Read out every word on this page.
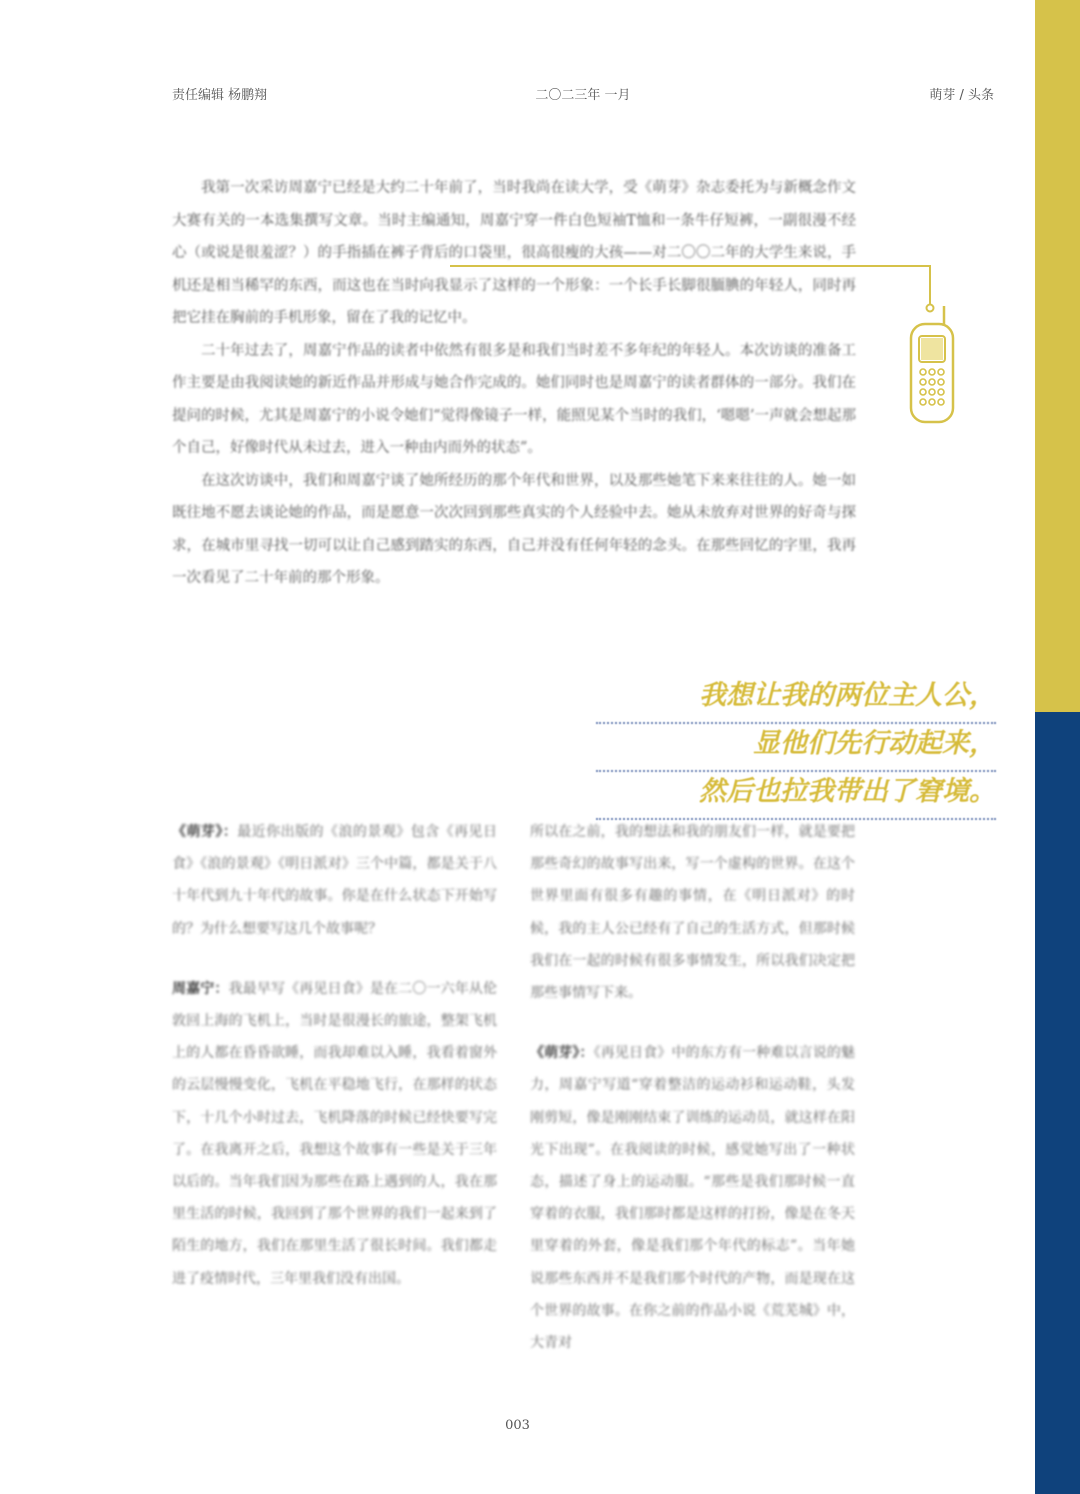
责任编辑 杨鹏翔	二〇二三年 一月	萌芽 / 头条

我第一次采访周嘉宁已经是大约二十年前了，当时我尚在读大学，受《萌芽》杂志委托为与新概念作文大赛有关的一本选集撰写文章。当时主编通知，周嘉宁穿一件白色短袖T恤和一条牛仔短裤，一副很漫不经心（或说是很羞涩？）的手指插在裤子背后的口袋里，很高很瘦的大孩——对二〇〇二年的大学生来说，手机还是相当稀罕的东西，而这也在当时向我显示了这样的一个形象：一个长手长脚很腼腆的年轻人，同时再把它挂在胸前的手机形象，留在了我的记忆中。

二十年过去了，周嘉宁作品的读者中依然有很多是和我们当时差不多年纪的年轻人。本次访谈的准备工作主要是由我阅读她的新近作品并形成与她合作完成的。她们同时也是周嘉宁的读者群体的一部分。我们在提问的时候，尤其是周嘉宁的小说令她们“觉得像镜子一样，能照见某个当时的我们，‘嗯嗯’一声就会想起那个自己，好像时代从未过去，进入一种由内而外的状态”。

在这次访谈中，我们和周嘉宁谈了她所经历的那个年代和世界，以及那些她笔下来来往往的人。她一如既往地不愿去谈论她的作品，而是愿意一次次回到那些真实的个人经验中去。她从未放弃对世界的好奇与探求，在城市里寻找一切可以让自己感到踏实的东西，自己并没有任何年轻的念头。在那些回忆的字里，我再一次看见了二十年前的那个形象。

我想让我的两位主人公，
显他们先行动起来，
然后也拉我带出了窘境。

《萌芽》：最近你出版的《浪的景观》包含《再见日食》《浪的景观》《明日派对》三个中篇，都是关于八十年代到九十年代的故事。你是在什么状态下开始写的？为什么想要写这几个故事呢？

周嘉宁：我最早写《再见日食》是在二〇一六年从伦敦回上海的飞机上，当时是很漫长的旅途，整架飞机上的人都在昏昏欲睡，而我却难以入睡，我看着窗外的云层慢慢变化，飞机在平稳地飞行，在那样的状态下，十几个小时过去，飞机降落的时候已经快要写完了。在我离开之后，我想这个故事有一些是关于三年以后的。当年我们因为那些在路上遇到的人，我在那里生活的时候，我回到了那个世界的我们一起来到了陌生的地方，我们在那里生活了很长时间。我们都走进了疫情时代，三年里我们没有出国。

所以在之前，我的想法和我的朋友们一样，就是要把那些奇幻的故事写出来，写一个虚构的世界。在这个世界里面有很多有趣的事情，在《明日派对》的时候，我的主人公已经有了自己的生活方式，但那时候我们在一起的时候有很多事情发生，所以我们决定把那些事情写下来。

《萌芽》：《再见日食》中的东方有一种难以言说的魅力，周嘉宁写道“穿着整洁的运动衫和运动鞋，头发刚剪短，像是刚刚结束了训练的运动员，就这样在阳光下出现”。在我阅读的时候，感觉她写出了一种状态，描述了身上的运动服。“那些是我们那时候一直穿着的衣服，我们那时都是这样的打扮，像是在冬天里穿着的外套，像是我们那个年代的标志”。当年她说那些东西并不是我们那个时代的产物，而是现在这个世界的故事。在你之前的作品小说《荒芜城》中，大青对

003
